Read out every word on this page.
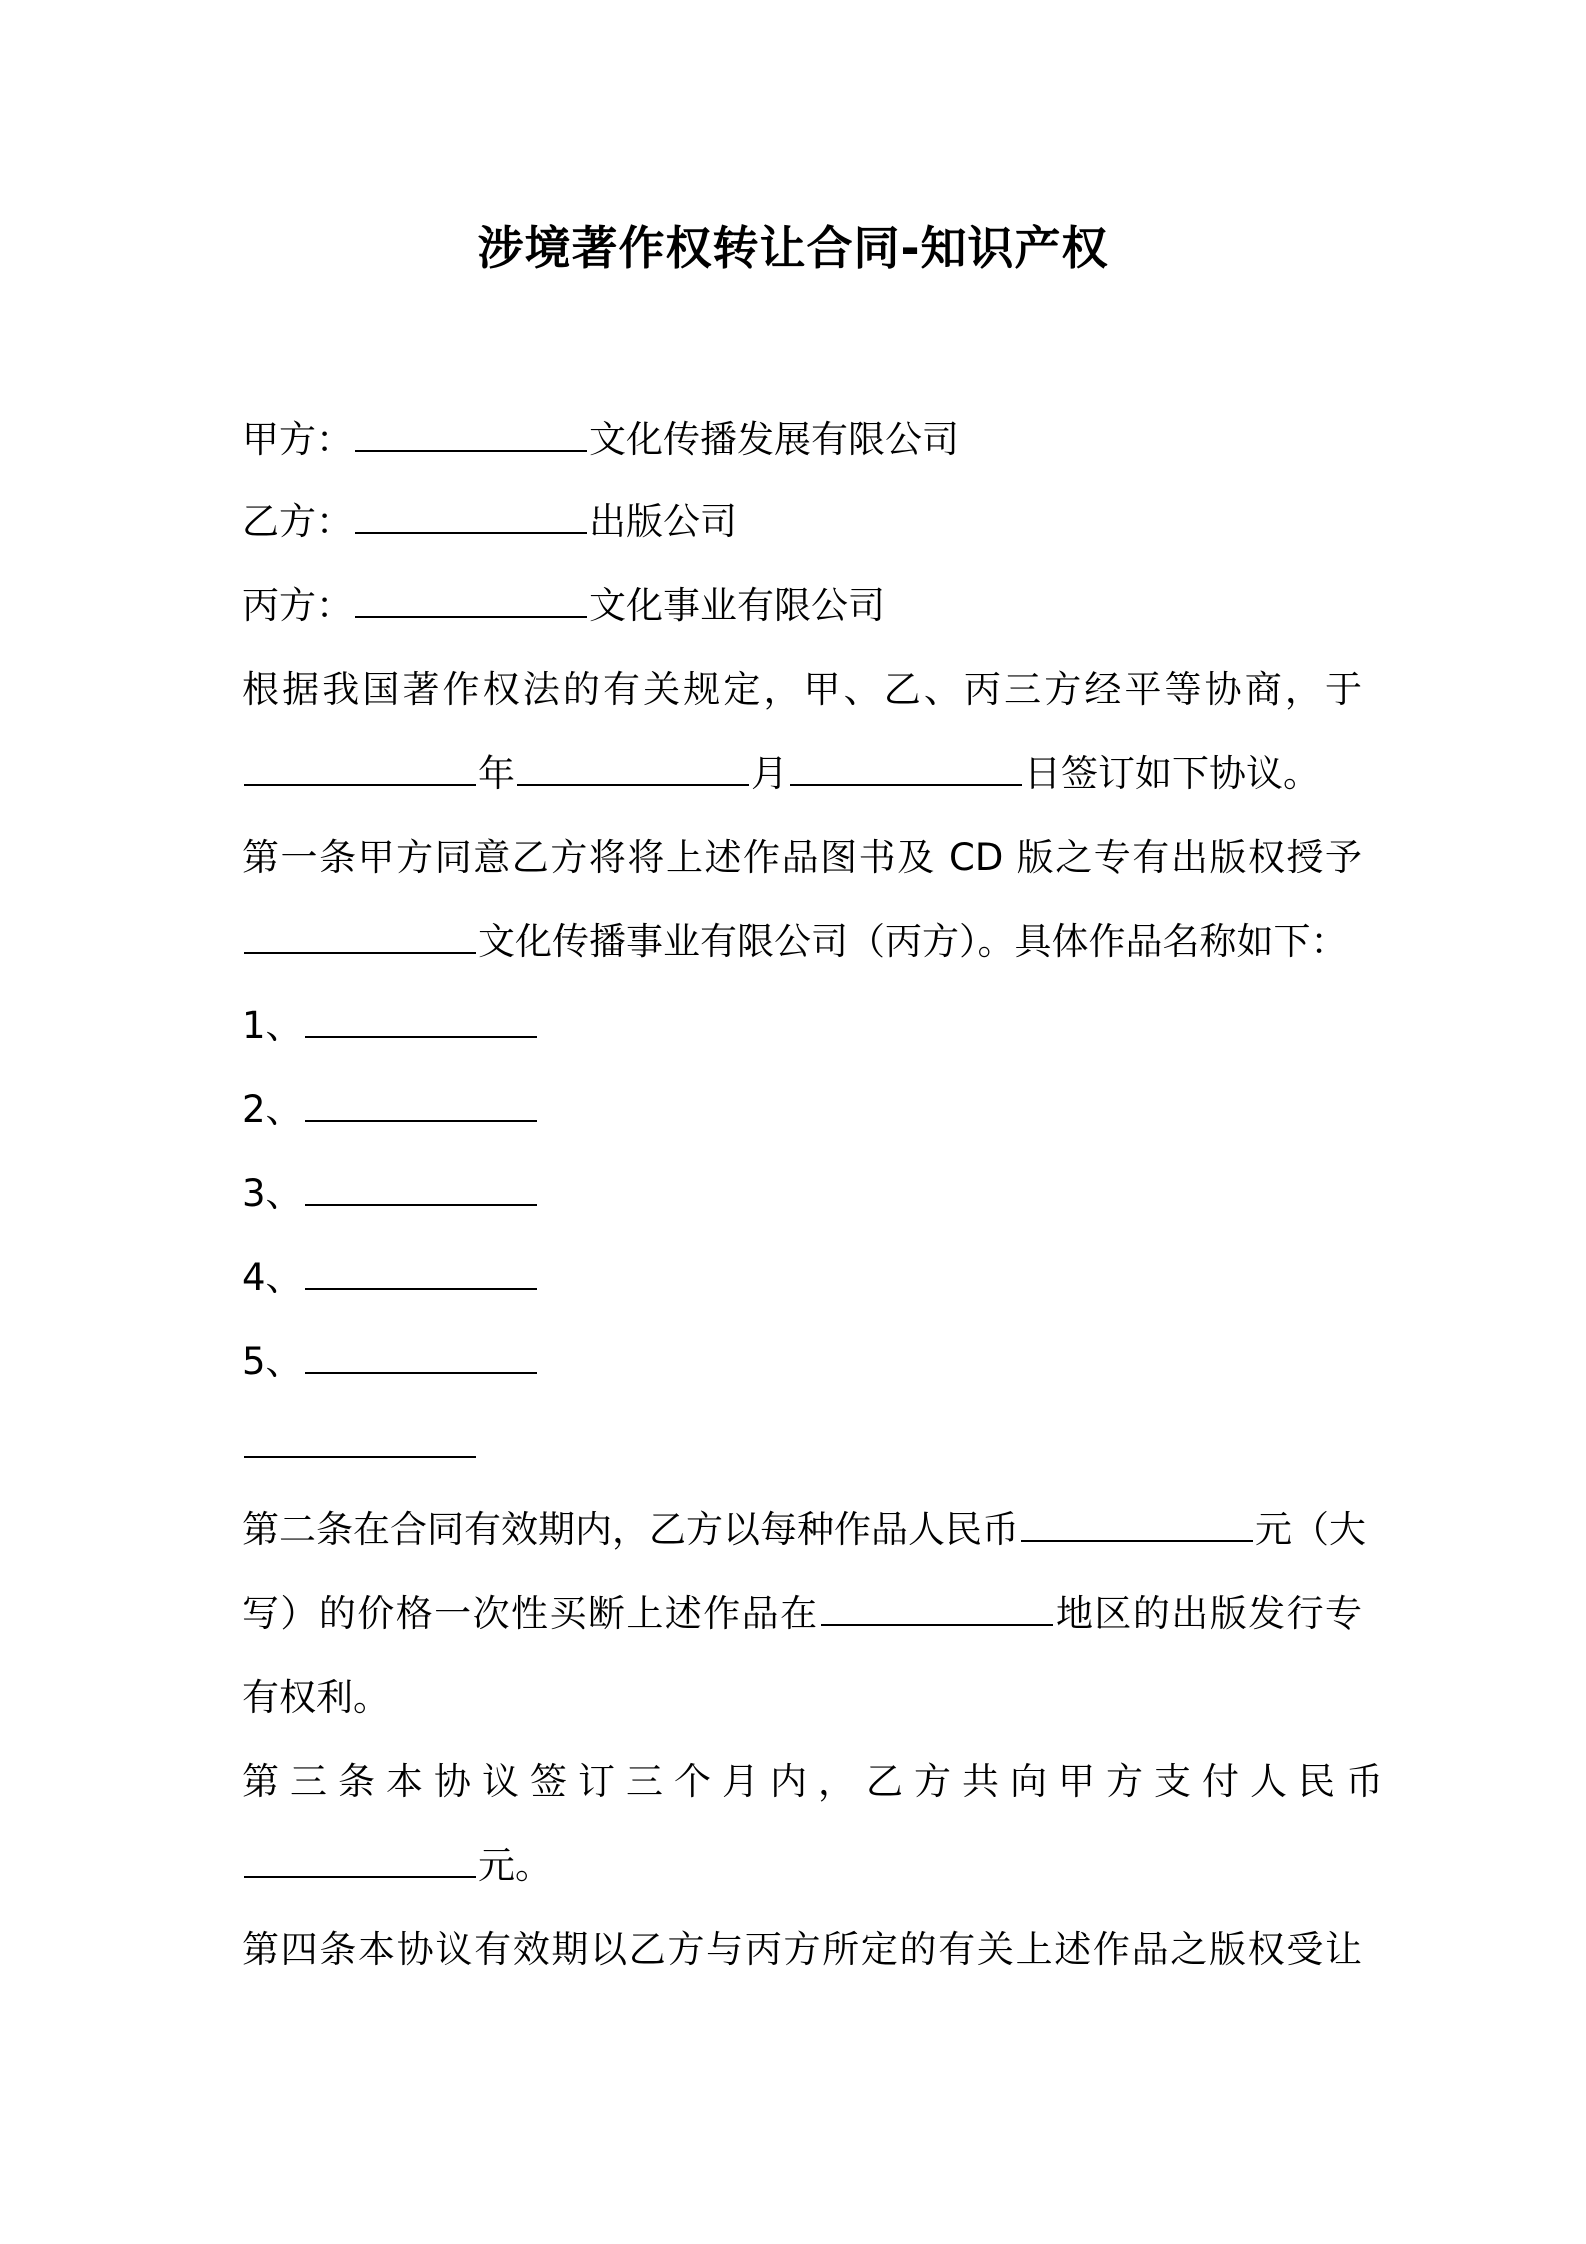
涉境著作权转让合同-知识产权
甲方：	文化传播发展有限公司
乙方：	出版公司
丙方：	文化事业有限公司
根据我国著作权法的有关规定，甲、乙、丙三方经平等协商，于
年	月	日签订如下协议。
第一条甲方同意乙方将将上述作品图书及 CD 版之专有出版权授予
文化传播事业有限公司（丙方）。具体作品名称如下：
1、
2、
3、
4、
5、
第二条在合同有效期内，乙方以每种作品人民币	元（大
写）的价格一次性买断上述作品在	地区的出版发行专
有权利。
第三条本协议签订三个月内，乙方共向甲方支付人民币
元。
第四条本协议有效期以乙方与丙方所定的有关上述作品之版权受让
